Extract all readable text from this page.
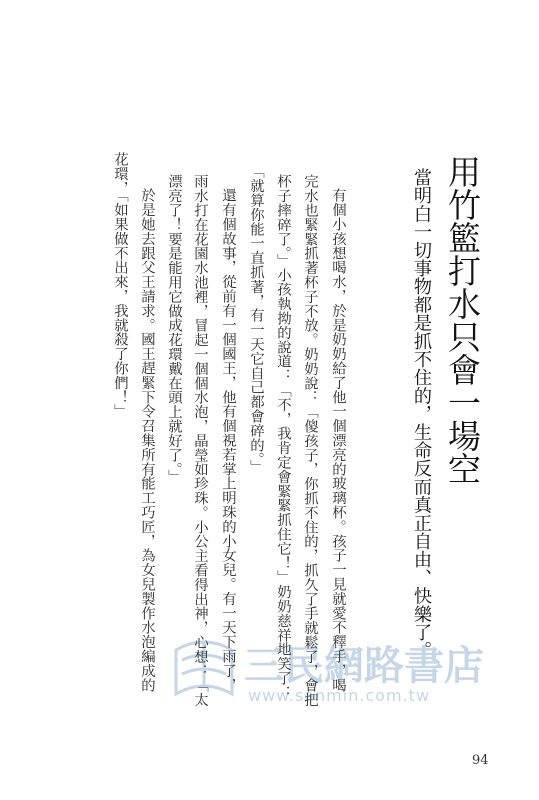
用竹籃打水只會一場空
當明白一切事物都是抓不住的，生命反而真正自由、快樂了。
有個小孩想喝水，於是奶奶給了他一個漂亮的玻璃杯。孩子一見就愛不釋手，喝
完水也緊緊抓著杯子不放。奶奶說：「傻孩子，你抓不住的，抓久了手就鬆了，會把
杯子摔碎了。」小孩執拗的說道：「不，我肯定會緊緊抓住它！」奶奶慈祥地笑了：
「就算你能一直抓著，有一天它自己都會碎的。」
還有個故事，從前有一個國王，他有個視若掌上明珠的小女兒。有一天下雨了，
雨水打在花園水池裡，冒起一個個水泡，晶瑩如珍珠。小公主看得出神，心想：「太
漂亮了！要是能用它做成花環戴在頭上就好了。」
於是她去跟父王請求。國王趕緊下令召集所有能工巧匠，為女兒製作水泡編成的
花環，「如果做不出來，我就殺了你們！」
三民網路書店
www.sanmin.com.tw
94
